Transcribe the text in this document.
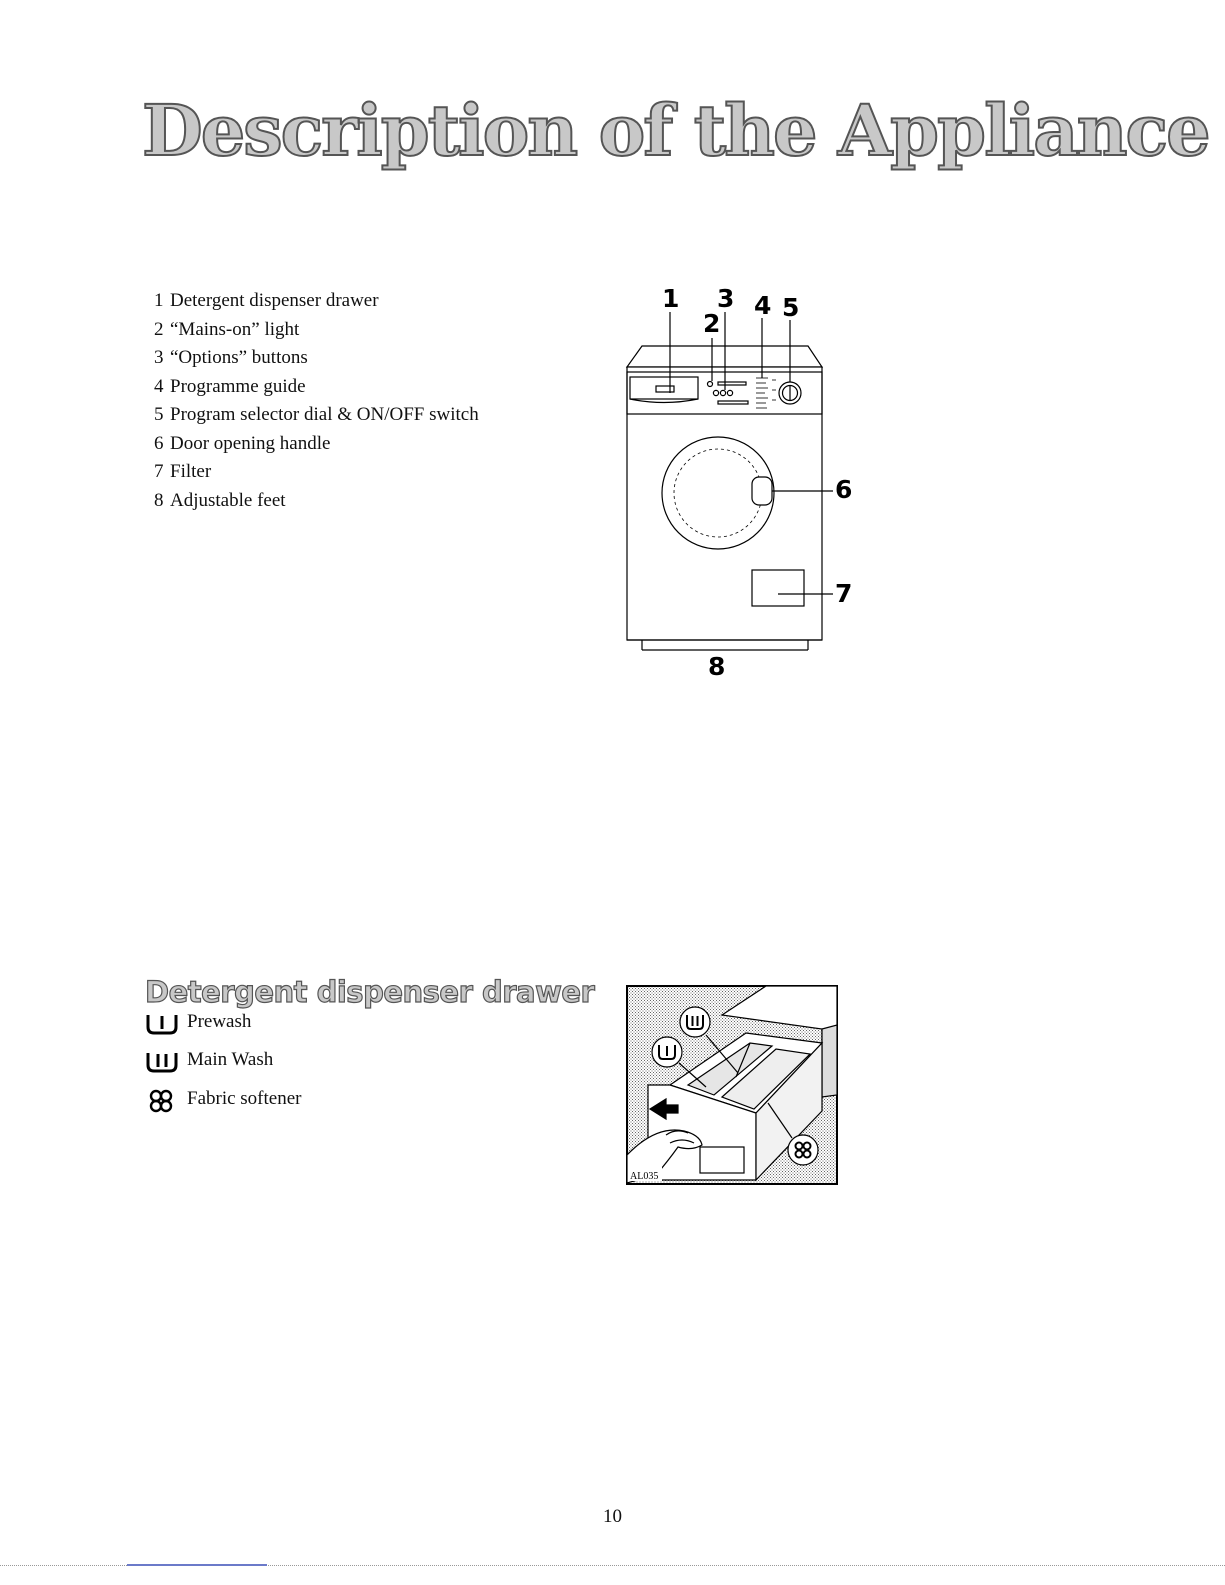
Description of the Appliance
1 Detergent dispenser drawer
2 “Mains-on” light
3 “Options” buttons
4 Programme guide
5 Program selector dial & ON/OFF switch
6 Door opening handle
7 Filter
8 Adjustable feet
1
2
3 4 5
6
7
8
Detergent dispenser drawer
Prewash
Main Wash
Fabric softener
AL035
10
